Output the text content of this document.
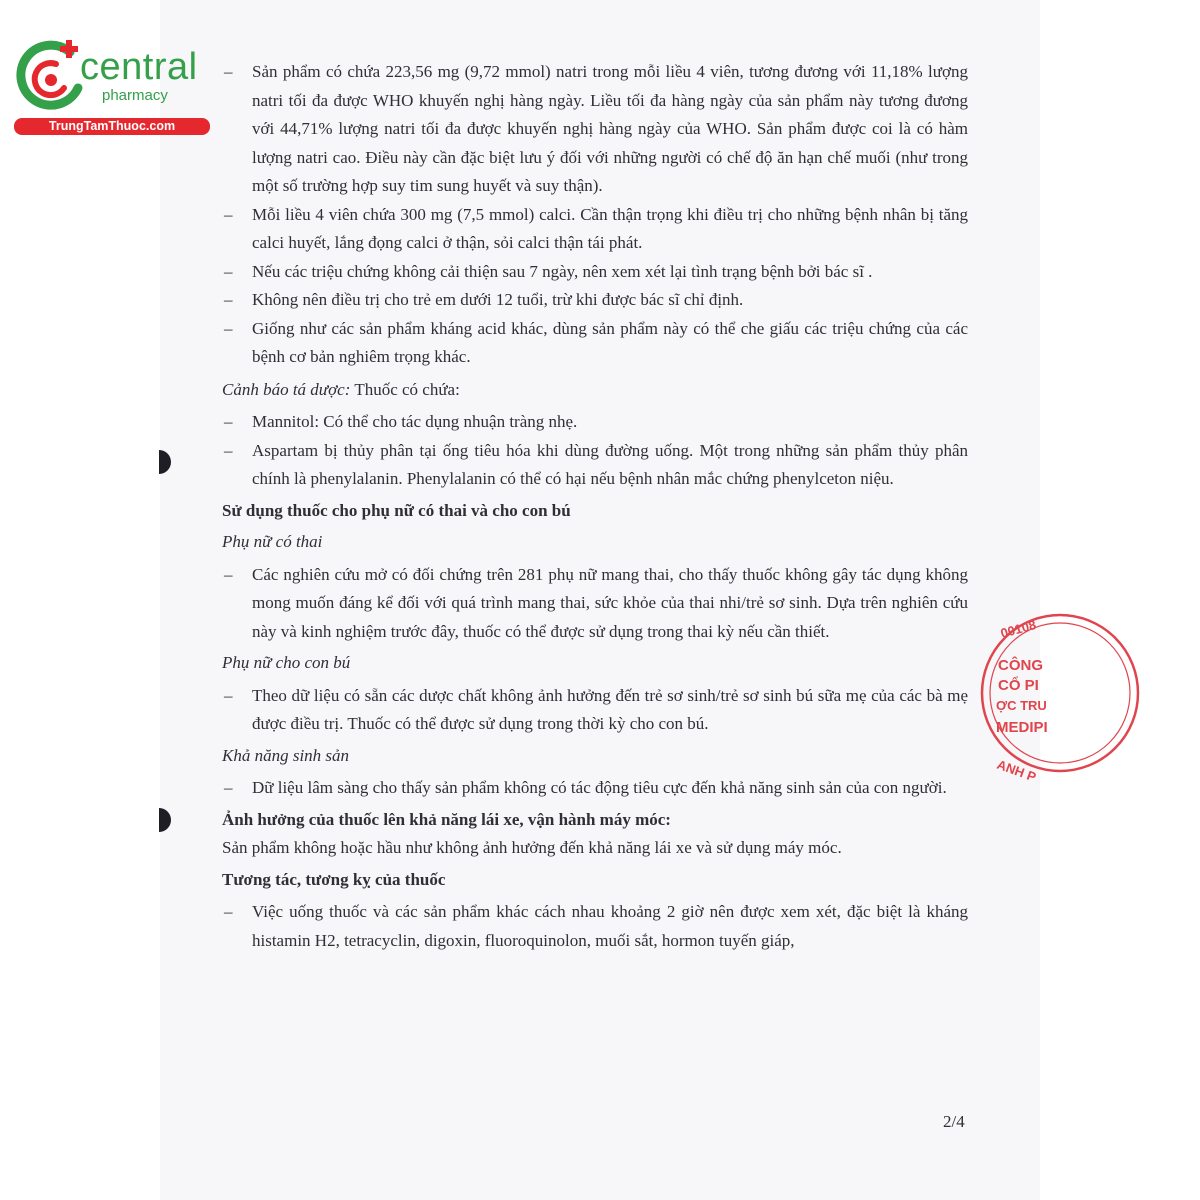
central
pharmacy
TrungTamThuoc.com
00108
CÔNG
CỔ PI
ỢC TRU
MEDIPI
ANH P
– Sản phẩm có chứa 223,56 mg (9,72 mmol) natri trong mỗi liều 4 viên, tương đương với 11,18% lượng natri tối đa được WHO khuyến nghị hàng ngày. Liều tối đa hàng ngày của sản phẩm này tương đương với 44,71% lượng natri tối đa được khuyến nghị hàng ngày của WHO. Sản phẩm được coi là có hàm lượng natri cao. Điều này cần đặc biệt lưu ý đối với những người có chế độ ăn hạn chế muối (như trong một số trường hợp suy tim sung huyết và suy thận).
– Mỗi liều 4 viên chứa 300 mg (7,5 mmol) calci. Cần thận trọng khi điều trị cho những bệnh nhân bị tăng calci huyết, lắng đọng calci ở thận, sỏi calci thận tái phát.
– Nếu các triệu chứng không cải thiện sau 7 ngày, nên xem xét lại tình trạng bệnh bởi bác sĩ .
– Không nên điều trị cho trẻ em dưới 12 tuổi, trừ khi được bác sĩ chỉ định.
– Giống như các sản phẩm kháng acid khác, dùng sản phẩm này có thể che giấu các triệu chứng của các bệnh cơ bản nghiêm trọng khác.

Cảnh báo tá dược: Thuốc có chứa:

– Mannitol: Có thể cho tác dụng nhuận tràng nhẹ.
– Aspartam bị thủy phân tại ống tiêu hóa khi dùng đường uống. Một trong những sản phẩm thủy phân chính là phenylalanin. Phenylalanin có thể có hại nếu bệnh nhân mắc chứng phenylceton niệu.

Sử dụng thuốc cho phụ nữ có thai và cho con bú

Phụ nữ có thai

– Các nghiên cứu mở có đối chứng trên 281 phụ nữ mang thai, cho thấy thuốc không gây tác dụng không mong muốn đáng kể đối với quá trình mang thai, sức khỏe của thai nhi/trẻ sơ sinh. Dựa trên nghiên cứu này và kinh nghiệm trước đây, thuốc có thể được sử dụng trong thai kỳ nếu cần thiết.

Phụ nữ cho con bú

– Theo dữ liệu có sẵn các dược chất không ảnh hưởng đến trẻ sơ sinh/trẻ sơ sinh bú sữa mẹ của các bà mẹ được điều trị. Thuốc có thể được sử dụng trong thời kỳ cho con bú.

Khả năng sinh sản

– Dữ liệu lâm sàng cho thấy sản phẩm không có tác động tiêu cực đến khả năng sinh sản của con người.

Ảnh hưởng của thuốc lên khả năng lái xe, vận hành máy móc:

Sản phẩm không hoặc hầu như không ảnh hưởng đến khả năng lái xe và sử dụng máy móc.

Tương tác, tương kỵ của thuốc

– Việc uống thuốc và các sản phẩm khác cách nhau khoảng 2 giờ nên được xem xét, đặc biệt là kháng histamin H2, tetracyclin, digoxin, fluoroquinolon, muối sắt, hormon tuyến giáp,
2/4
